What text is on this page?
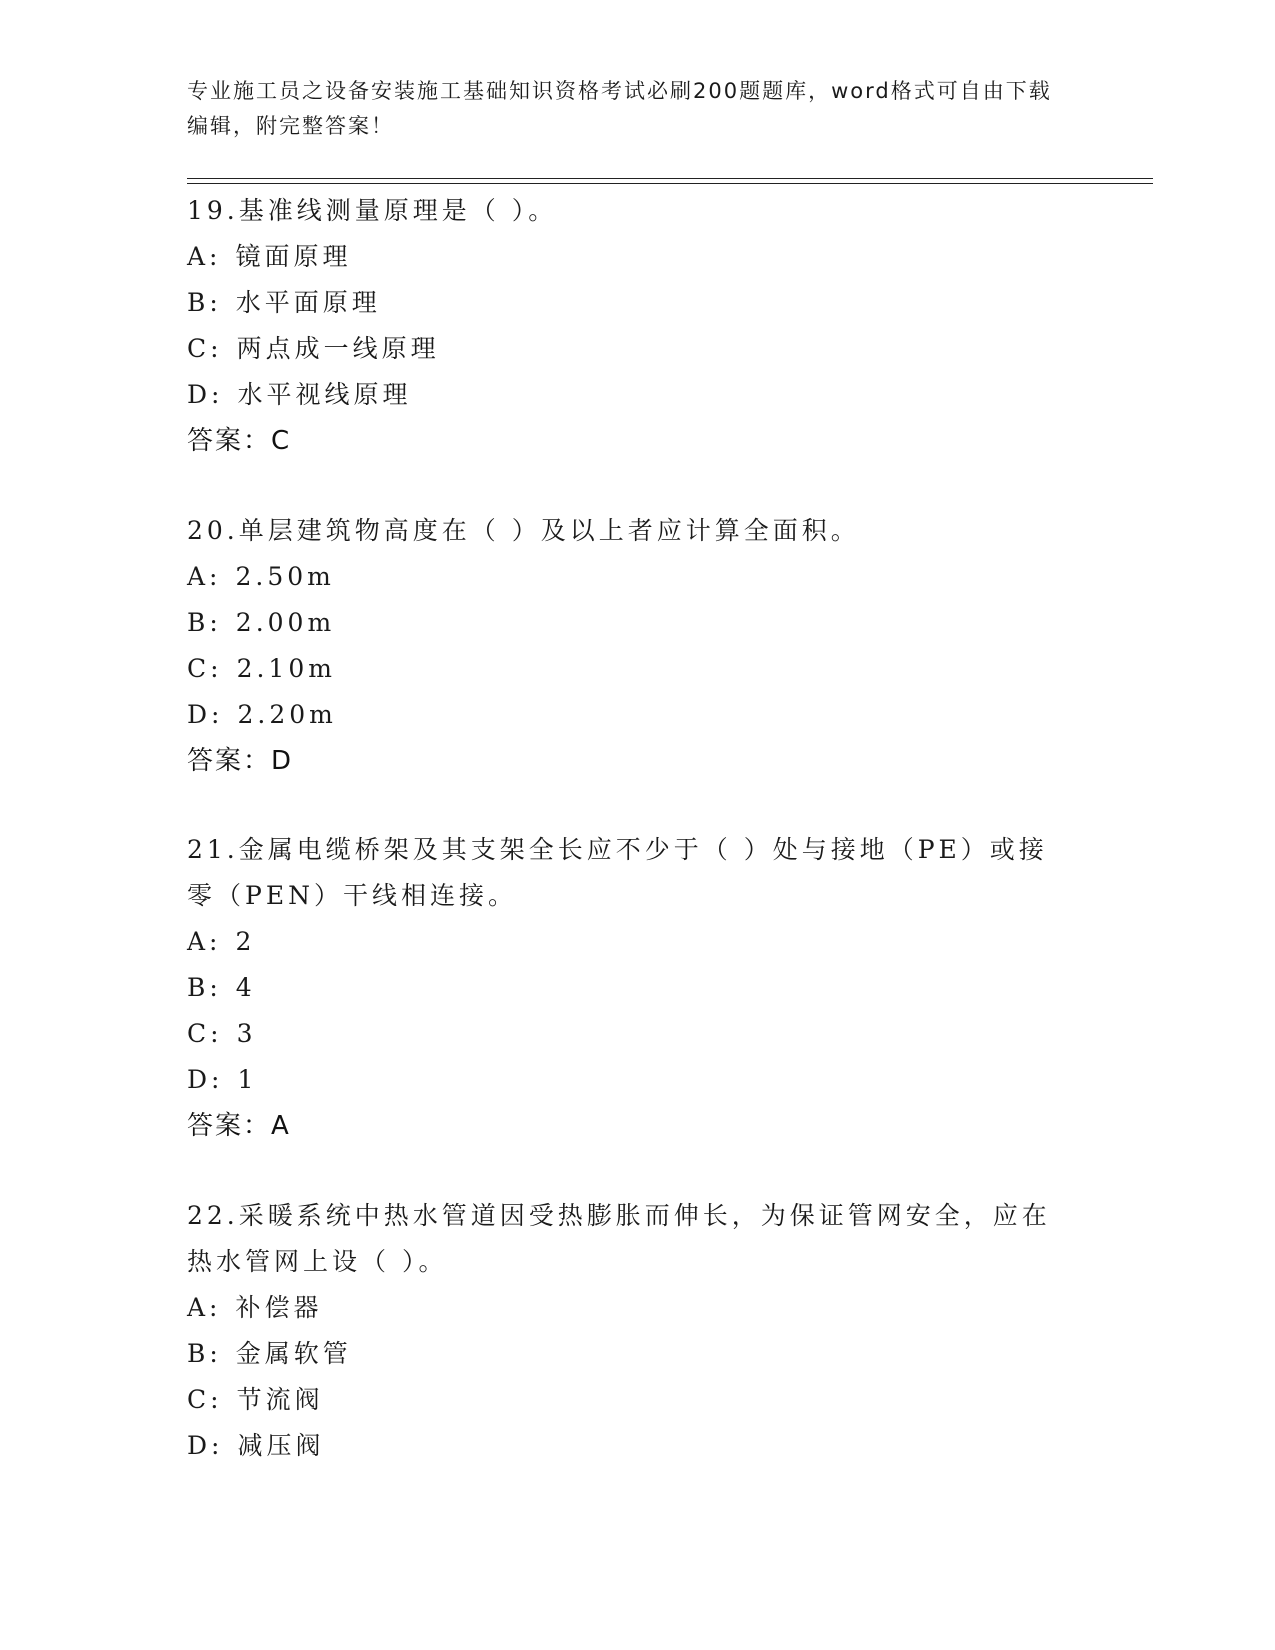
专业施工员之设备安装施工基础知识资格考试必刷200题题库，word格式可自由下载编辑，附完整答案！
19.基准线测量原理是（ ）。
A: 镜面原理
B: 水平面原理
C: 两点成一线原理
D: 水平视线原理
答案：C
20.单层建筑物高度在（ ）及以上者应计算全面积。
A: 2.50m
B: 2.00m
C: 2.10m
D: 2.20m
答案：D
21.金属电缆桥架及其支架全长应不少于（ ）处与接地（PE）或接零（PEN）干线相连接。
A: 2
B: 4
C: 3
D: 1
答案：A
22.采暖系统中热水管道因受热膨胀而伸长，为保证管网安全，应在热水管网上设（ ）。
A: 补偿器
B: 金属软管
C: 节流阀
D: 减压阀
